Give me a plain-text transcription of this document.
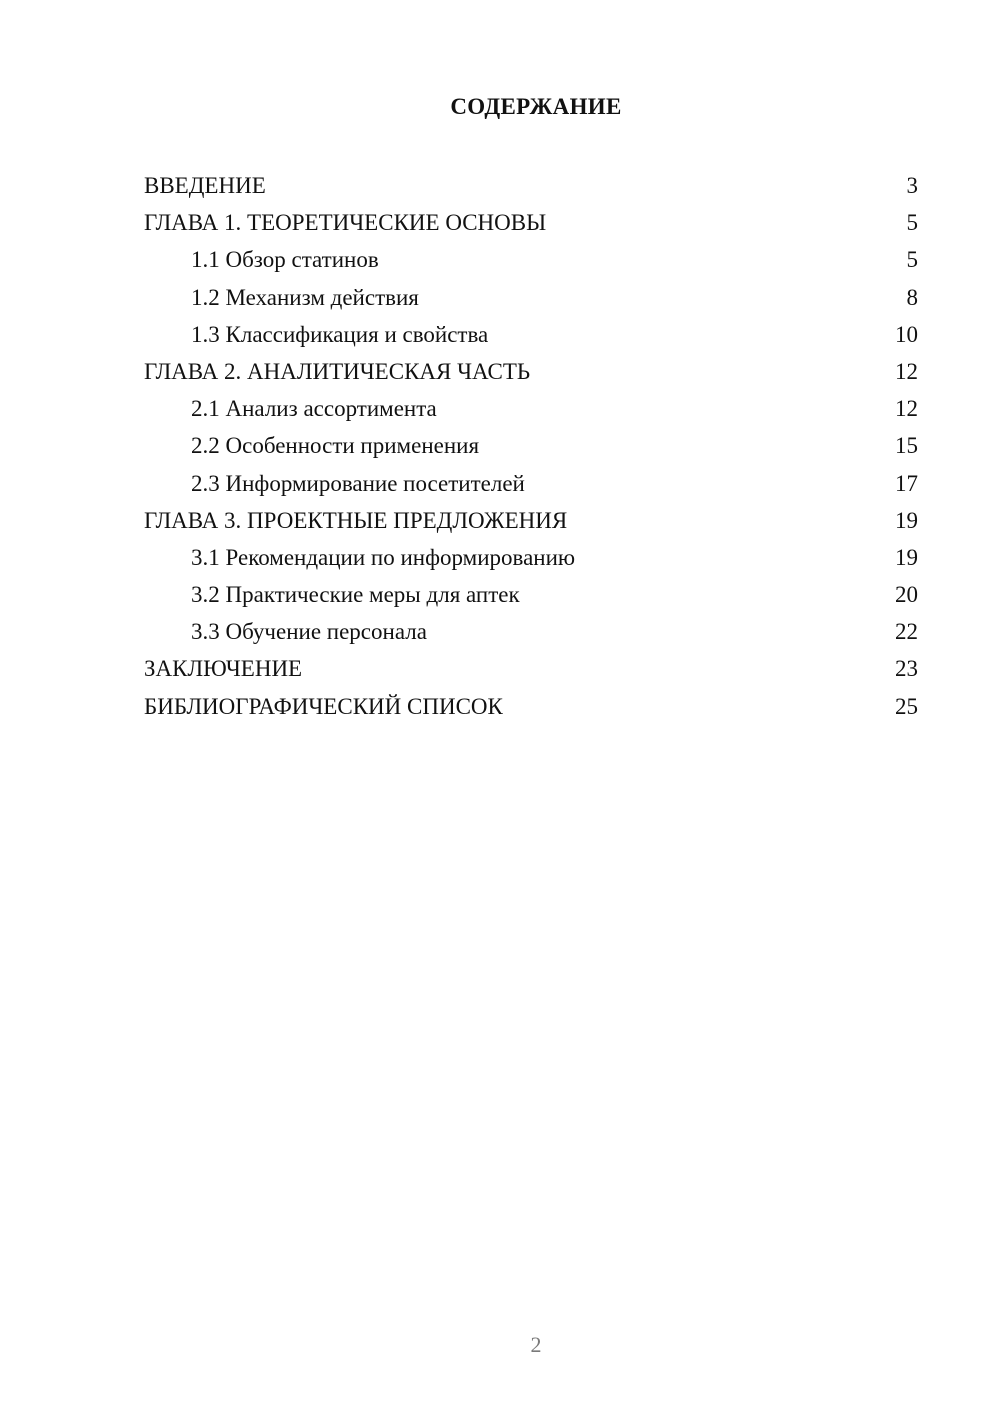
СОДЕРЖАНИЕ
ВВЕДЕНИЕ	3
ГЛАВА 1. ТЕОРЕТИЧЕСКИЕ ОСНОВЫ	5
1.1 Обзор статинов	5
1.2 Механизм действия	8
1.3 Классификация и свойства	10
ГЛАВА 2. АНАЛИТИЧЕСКАЯ ЧАСТЬ	12
2.1 Анализ ассортимента	12
2.2 Особенности применения	15
2.3 Информирование посетителей	17
ГЛАВА 3. ПРОЕКТНЫЕ ПРЕДЛОЖЕНИЯ	19
3.1 Рекомендации по информированию	19
3.2 Практические меры для аптек	20
3.3 Обучение персонала	22
ЗАКЛЮЧЕНИЕ	23
БИБЛИОГРАФИЧЕСКИЙ СПИСОК	25
2
